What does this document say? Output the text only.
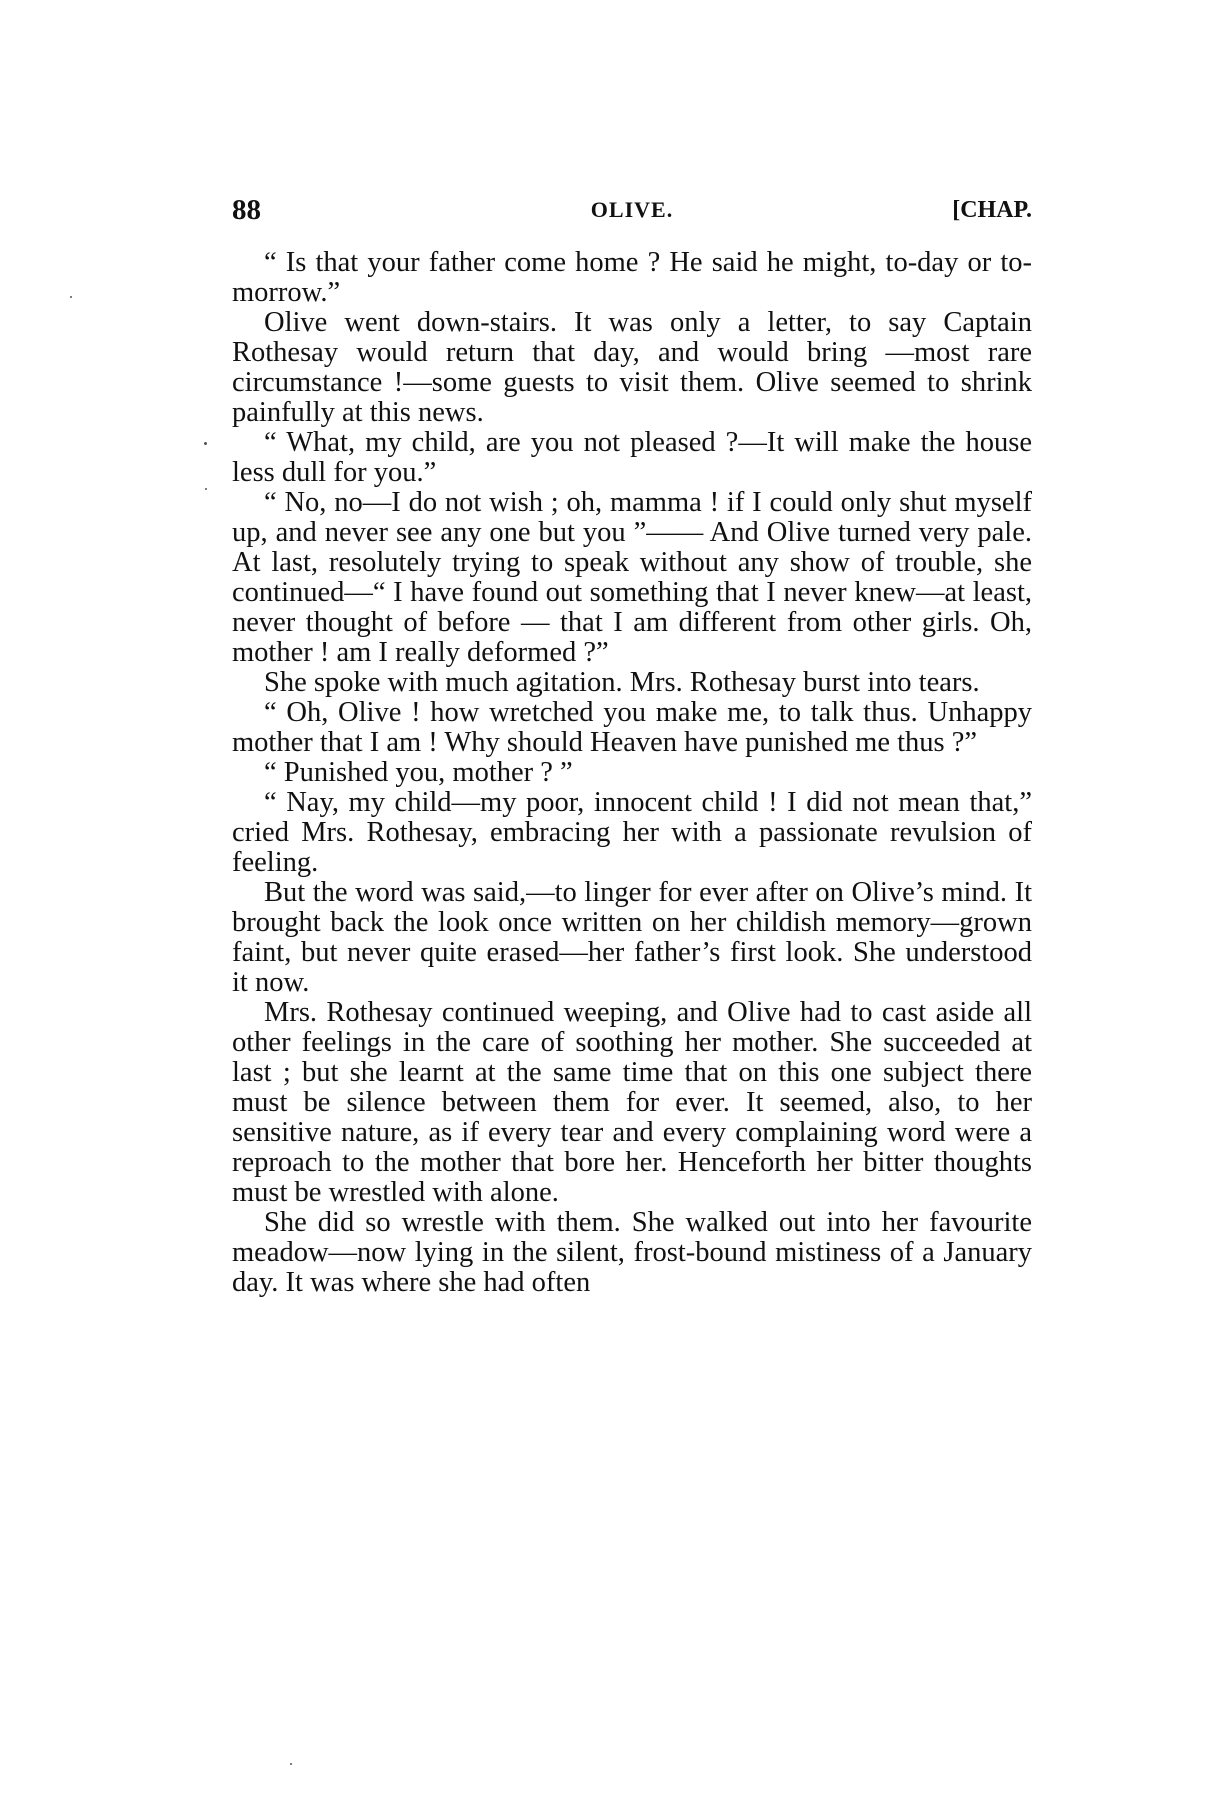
88	OLIVE.	[CHAP.

“ Is that your father come home ? He said he might, to-day or to-morrow.”

Olive went down-stairs. It was only a letter, to say Captain Rothesay would return that day, and would bring —most rare circumstance !—some guests to visit them. Olive seemed to shrink painfully at this news.

“ What, my child, are you not pleased ?—It will make the house less dull for you.”

“ No, no—I do not wish ; oh, mamma ! if I could only shut myself up, and never see any one but you ”—— And Olive turned very pale. At last, resolutely trying to speak without any show of trouble, she continued—“ I have found out something that I never knew—at least, never thought of before — that I am different from other girls. Oh, mother ! am I really deformed ?”

She spoke with much agitation. Mrs. Rothesay burst into tears.

“ Oh, Olive ! how wretched you make me, to talk thus. Unhappy mother that I am ! Why should Heaven have punished me thus ?”

“ Punished you, mother ? ”

“ Nay, my child—my poor, innocent child ! I did not mean that,” cried Mrs. Rothesay, embracing her with a passionate revulsion of feeling.

But the word was said,—to linger for ever after on Olive’s mind. It brought back the look once written on her childish memory—grown faint, but never quite erased—her father’s first look. She understood it now.

Mrs. Rothesay continued weeping, and Olive had to cast aside all other feelings in the care of soothing her mother. She succeeded at last ; but she learnt at the same time that on this one subject there must be silence between them for ever. It seemed, also, to her sensitive nature, as if every tear and every complaining word were a reproach to the mother that bore her. Henceforth her bitter thoughts must be wrestled with alone.

She did so wrestle with them. She walked out into her favourite meadow—now lying in the silent, frost-bound mistiness of a January day. It was where she had often
